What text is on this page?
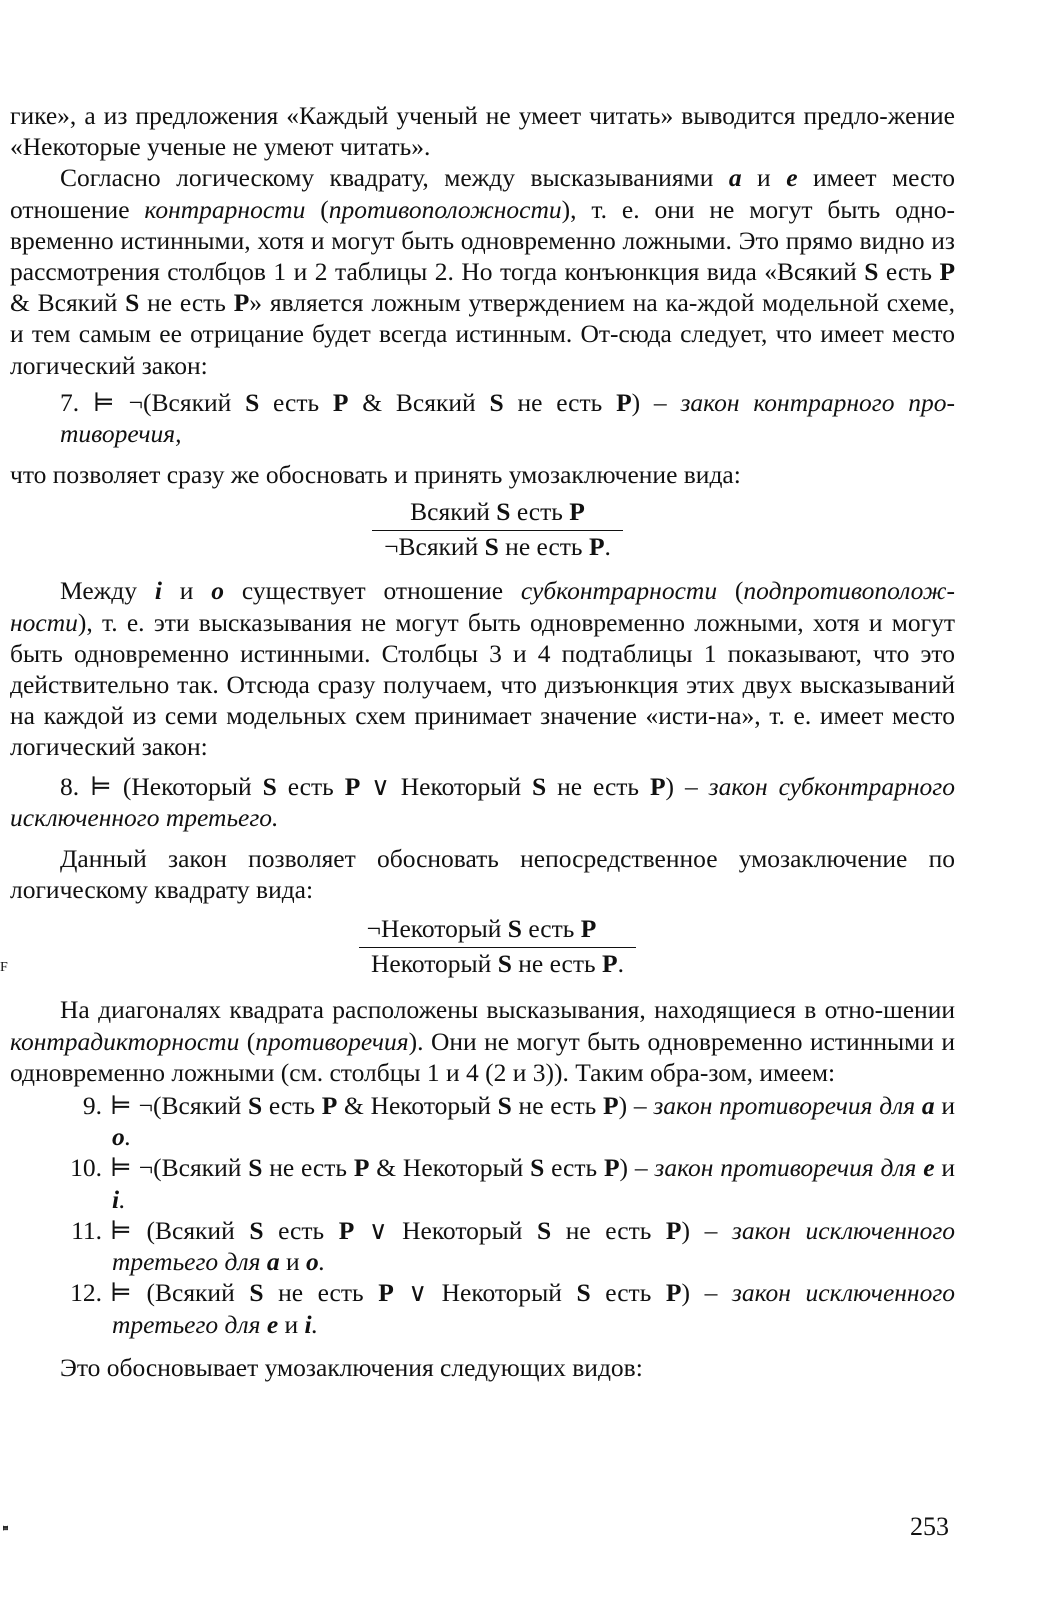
гике», а из предложения «Каждый ученый не умеет читать» выводится предло-жение «Некоторые ученые не умеют читать».

Согласно логическому квадрату, между высказываниями a и e имеет место отношение контрарности (противоположности), т. е. они не могут быть одно-временно истинными, хотя и могут быть одновременно ложными. Это прямо видно из рассмотрения столбцов 1 и 2 таблицы 2. Но тогда конъюнкция вида «Всякий S есть P & Всякий S не есть P» является ложным утверждением на ка-ждой модельной схеме, и тем самым ее отрицание будет всегда истинным. От-сюда следует, что имеет место логический закон:

7. ⊨ ¬(Всякий S есть P & Всякий S не есть P) – закон контрарного про-тиворечия,

что позволяет сразу же обосновать и принять умозаключение вида:

Всякий S есть P
¬Всякий S не есть P.

Между i и o существует отношение субконтрарности (подпротивополож-ности), т. е. эти высказывания не могут быть одновременно ложными, хотя и могут быть одновременно истинными. Столбцы 3 и 4 подтаблицы 1 показывают, что это действительно так. Отсюда сразу получаем, что дизъюнкция этих двух высказываний на каждой из семи модельных схем принимает значение «исти-на», т. е. имеет место логический закон:

8. ⊨ (Некоторый S есть P ∨ Некоторый S не есть P) – закон субконтрарного исключенного третьего.

Данный закон позволяет обосновать непосредственное умозаключение по логическому квадрату вида:

¬Некоторый S есть P
Некоторый S не есть P.

На диагоналях квадрата расположены высказывания, находящиеся в отно-шении контрадикторности (противоречия). Они не могут быть одновременно истинными и одновременно ложными (см. столбцы 1 и 4 (2 и 3)). Таким обра-зом, имеем:

9. ⊨ ¬(Всякий S есть P & Некоторый S не есть P) – закон противоречия для a и o.
10. ⊨ ¬(Всякий S не есть P & Некоторый S есть P) – закон противоречия для e и i.
11. ⊨ (Всякий S есть P ∨ Некоторый S не есть P) – закон исключенного третьего для a и o.
12. ⊨ (Всякий S не есть P ∨ Некоторый S есть P) – закон исключенного третьего для e и i.

Это обосновывает умозаключения следующих видов:

253
F
ıııı
